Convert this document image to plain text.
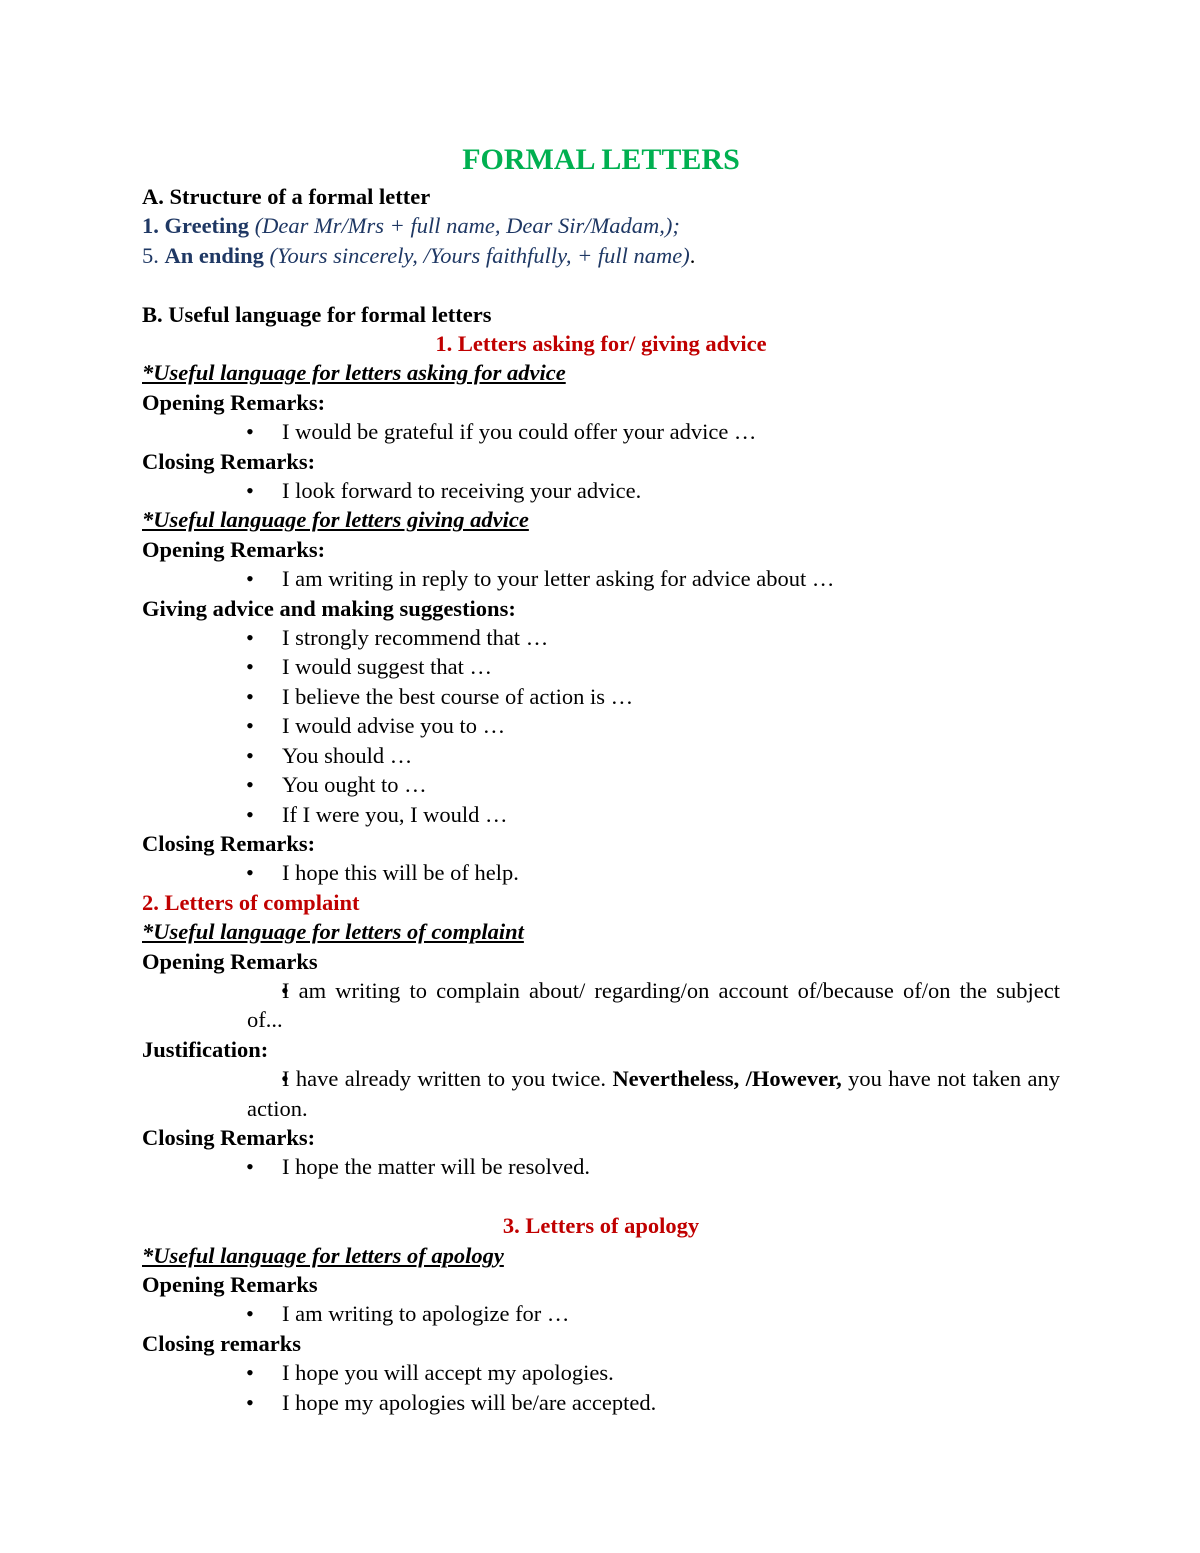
FORMAL LETTERS
A. Structure of a formal letter
1. Greeting (Dear Mr/Mrs + full name, Dear Sir/Madam,);
5. An ending (Yours sincerely, /Yours faithfully, + full name).
B. Useful language for formal letters
1. Letters asking for/ giving advice
*Useful language for letters asking for advice
Opening Remarks:
• I would be grateful if you could offer your advice …
Closing Remarks:
• I look forward to receiving your advice.
*Useful language for letters giving advice
Opening Remarks:
• I am writing in reply to your letter asking for advice about …
Giving advice and making suggestions:
• I strongly recommend that …
• I would suggest that …
• I believe the best course of action is …
• I would advise you to …
• You should …
• You ought to …
• If I were you, I would …
Closing Remarks:
• I hope this will be of help.
2. Letters of complaint
*Useful language for letters of complaint
Opening Remarks
• I am writing to complain about/ regarding/on account of/because of/on the subject of...
Justification:
• I have already written to you twice. Nevertheless, /However, you have not taken any action.
Closing Remarks:
• I hope the matter will be resolved.
3. Letters of apology
*Useful language for letters of apology
Opening Remarks
• I am writing to apologize for …
Closing remarks
• I hope you will accept my apologies.
• I hope my apologies will be/are accepted.
